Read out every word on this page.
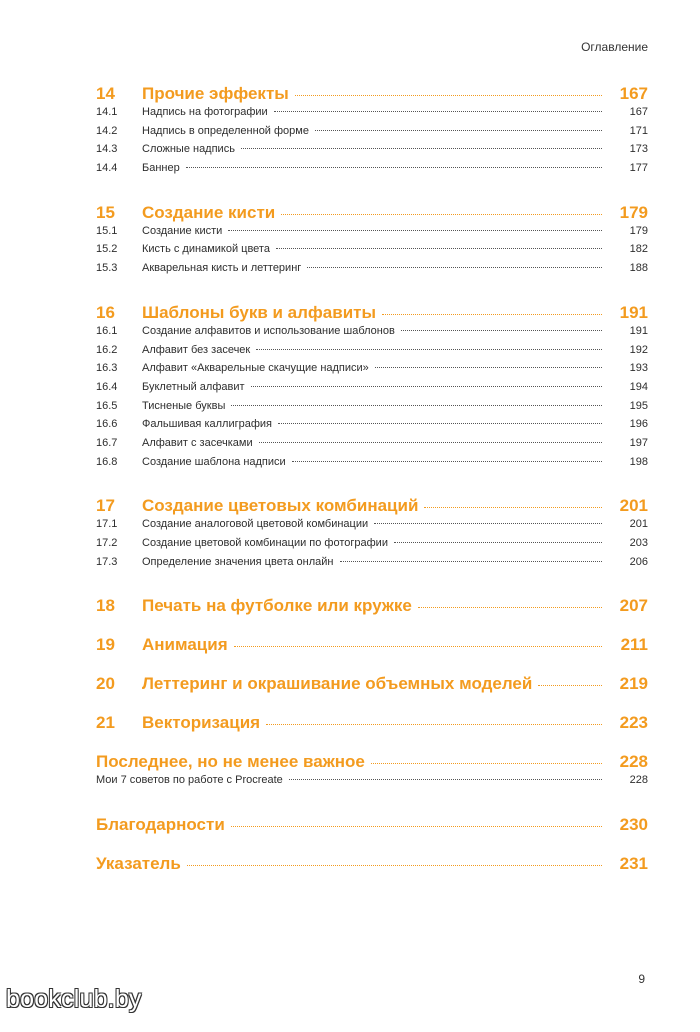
Оглавление
14	Прочие эффекты	167
14.1	Надпись на фотографии	167
14.2	Надпись в определенной форме	171
14.3	Сложные надпись	173
14.4	Баннер	177
15	Создание кисти	179
15.1	Создание кисти	179
15.2	Кисть с динамикой цвета	182
15.3	Акварельная кисть и леттеринг	188
16	Шаблоны букв и алфавиты	191
16.1	Создание алфавитов и использование шаблонов	191
16.2	Алфавит без засечек	192
16.3	Алфавит «Акварельные скачущие надписи»	193
16.4	Буклетный алфавит	194
16.5	Тисненые буквы	195
16.6	Фальшивая каллиграфия	196
16.7	Алфавит с засечками	197
16.8	Создание шаблона надписи	198
17	Создание цветовых комбинаций	201
17.1	Создание аналоговой цветовой комбинации	201
17.2	Создание цветовой комбинации по фотографии	203
17.3	Определение значения цвета онлайн	206
18	Печать на футболке или кружке	207
19	Анимация	211
20	Леттеринг и окрашивание объемных моделей	219
21	Векторизация	223
Последнее, но не менее важное	228
Мои 7 советов по работе с Procreate	228
Благодарности	230
Указатель	231
9
bookclub.by
